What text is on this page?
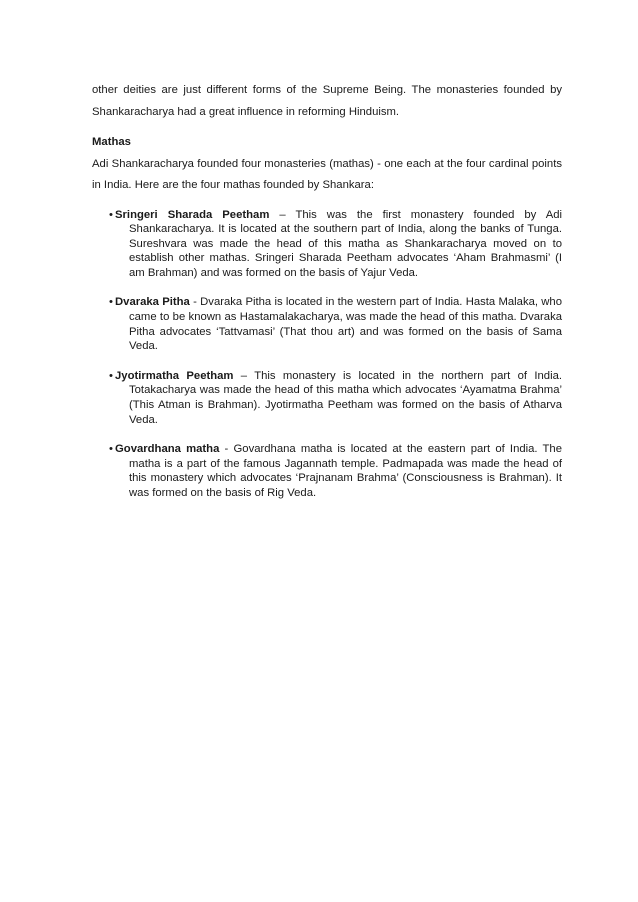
other deities are just different forms of the Supreme Being. The monasteries founded by Shankaracharya had a great influence in reforming Hinduism.

Mathas

Adi Shankaracharya founded four monasteries (mathas) - one each at the four cardinal points in India. Here are the four mathas founded by Shankara:

• Sringeri Sharada Peetham – This was the first monastery founded by Adi Shankaracharya. It is located at the southern part of India, along the banks of Tunga. Sureshvara was made the head of this matha as Shankaracharya moved on to establish other mathas. Sringeri Sharada Peetham advocates ‘Aham Brahmasmi’ (I am Brahman) and was formed on the basis of Yajur Veda.
• Dvaraka Pitha - Dvaraka Pitha is located in the western part of India. Hasta Malaka, who came to be known as Hastamalakacharya, was made the head of this matha. Dvaraka Pitha advocates ‘Tattvamasi’ (That thou art) and was formed on the basis of Sama Veda.
• Jyotirmatha Peetham – This monastery is located in the northern part of India. Totakacharya was made the head of this matha which advocates ‘Ayamatma Brahma’ (This Atman is Brahman). Jyotirmatha Peetham was formed on the basis of Atharva Veda.
• Govardhana matha - Govardhana matha is located at the eastern part of India. The matha is a part of the famous Jagannath temple. Padmapada was made the head of this monastery which advocates ‘Prajnanam Brahma’ (Consciousness is Brahman). It was formed on the basis of Rig Veda.
